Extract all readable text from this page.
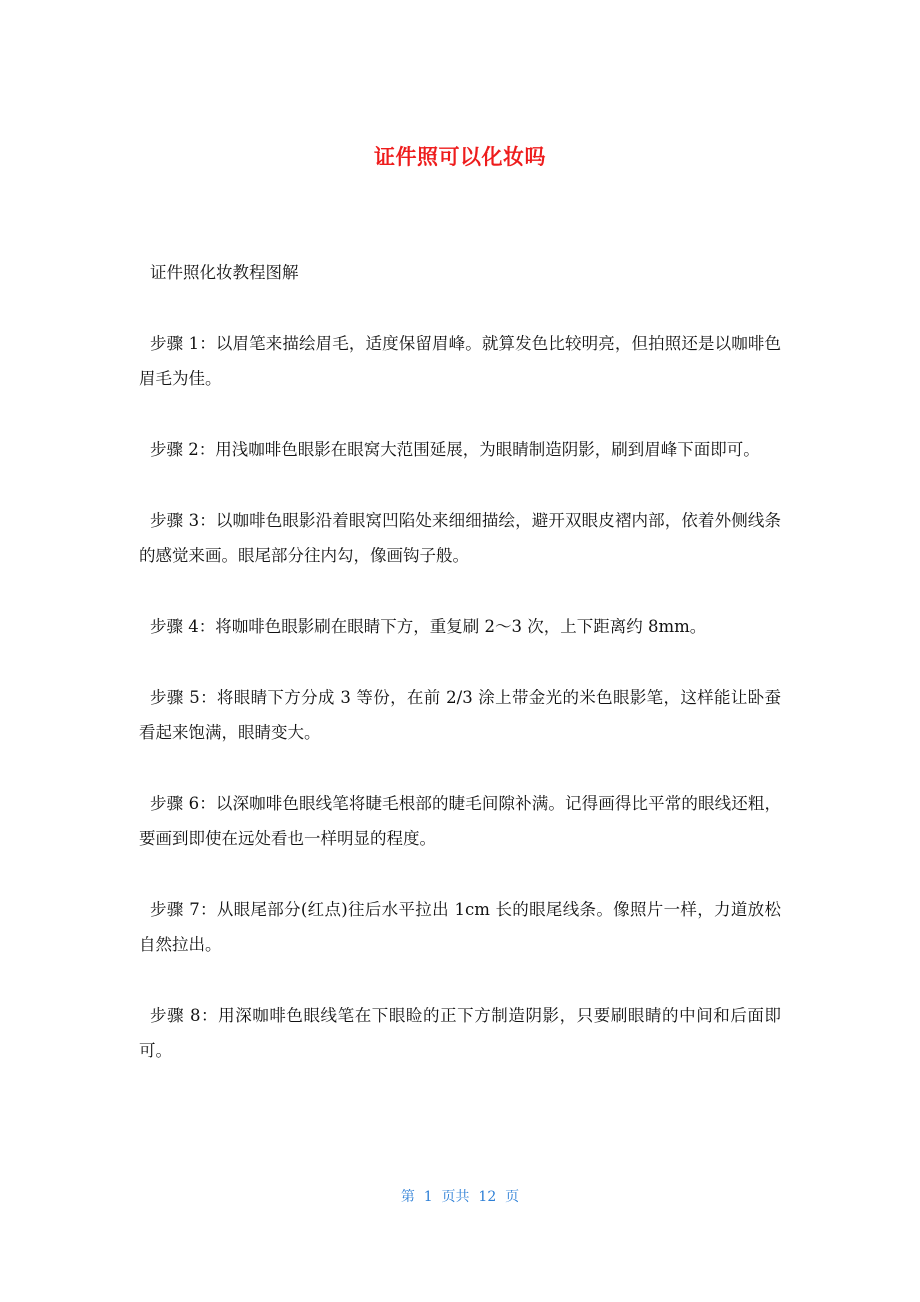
证件照可以化妆吗

证件照化妆教程图解

步骤 1：以眉笔来描绘眉毛，适度保留眉峰。就算发色比较明亮，但拍照还是以咖啡色眉毛为佳。

步骤 2：用浅咖啡色眼影在眼窝大范围延展，为眼睛制造阴影，刷到眉峰下面即可。

步骤 3：以咖啡色眼影沿着眼窝凹陷处来细细描绘，避开双眼皮褶内部，依着外侧线条的感觉来画。眼尾部分往内勾，像画钩子般。

步骤 4：将咖啡色眼影刷在眼睛下方，重复刷 2～3 次，上下距离约 8mm。

步骤 5：将眼睛下方分成 3 等份，在前 2/3 涂上带金光的米色眼影笔，这样能让卧蚕看起来饱满，眼睛变大。

步骤 6：以深咖啡色眼线笔将睫毛根部的睫毛间隙补满。记得画得比平常的眼线还粗，要画到即使在远处看也一样明显的程度。

步骤 7：从眼尾部分(红点)往后水平拉出 1cm 长的眼尾线条。像照片一样，力道放松自然拉出。

步骤 8：用深咖啡色眼线笔在下眼睑的正下方制造阴影，只要刷眼睛的中间和后面即可。

第  1  页共  12  页
